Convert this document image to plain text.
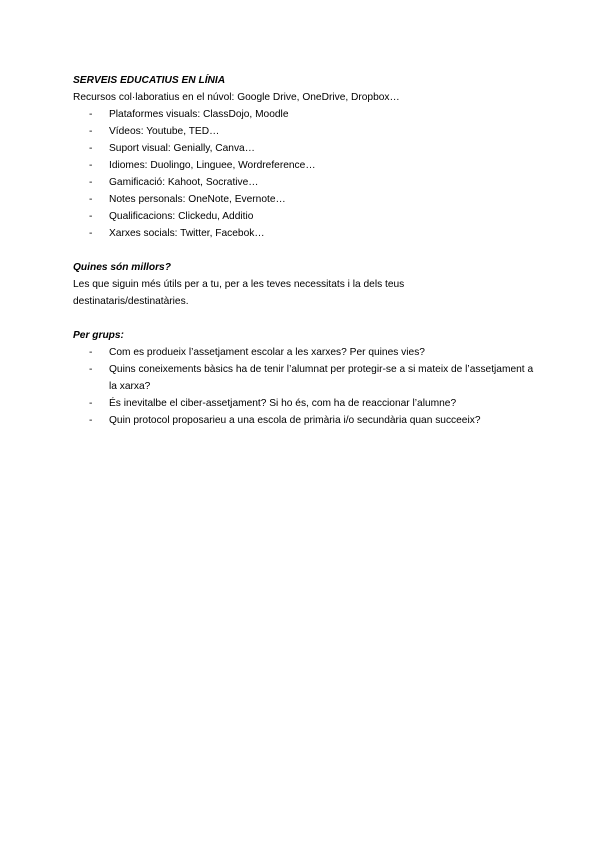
SERVEIS EDUCATIUS EN LÍNIA

Recursos col·laboratius en el núvol: Google Drive, OneDrive, Dropbox…

- Plataformes visuals: ClassDojo, Moodle
- Vídeos: Youtube, TED…
- Suport visual: Genially, Canva…
- Idiomes: Duolingo, Linguee, Wordreference…
- Gamificació: Kahoot, Socrative…
- Notes personals: OneNote, Evernote…
- Qualificacions: Clickedu, Additio
- Xarxes socials: Twitter, Facebok…

Quines són millors?

Les que siguin més útils per a tu, per a les teves necessitats i la dels teus
destinataris/destinatàries.

Per grups:

- Com es produeix l’assetjament escolar a les xarxes? Per quines vies?
- Quins coneixements bàsics ha de tenir l’alumnat per protegir-se a si mateix de l’assetjament a la xarxa?
- És inevitalbe el ciber-assetjament? Si ho és, com ha de reaccionar l’alumne?
- Quin protocol proposarieu a una escola de primària i/o secundària quan succeeix?
